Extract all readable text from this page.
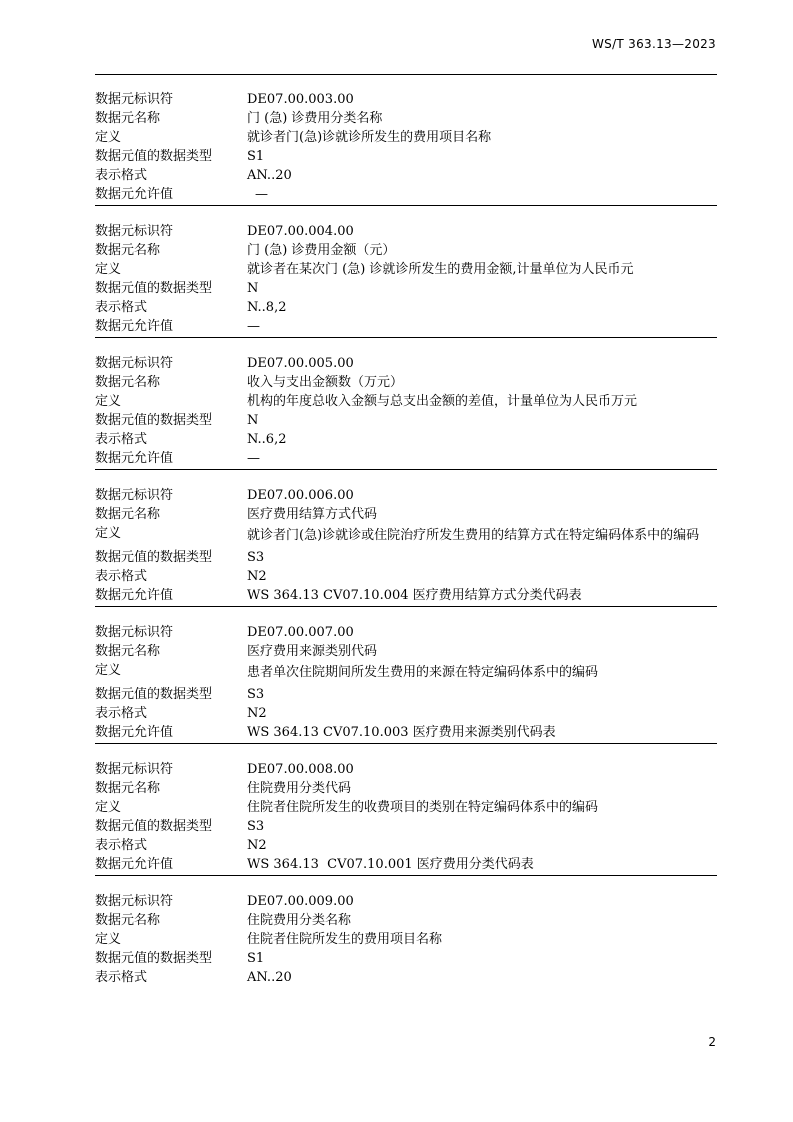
WS/T 363.13—2023
数据元标识符	DE07.00.003.00
数据元名称	门 (急) 诊费用分类名称
定义	就诊者门(急)诊就诊所发生的费用项目名称
数据元值的数据类型	S1
表示格式	AN..20
数据元允许值	—
数据元标识符	DE07.00.004.00
数据元名称	门 (急) 诊费用金额（元）
定义	就诊者在某次门 (急) 诊就诊所发生的费用金额,计量单位为人民币元
数据元值的数据类型	N
表示格式	N..8,2
数据元允许值	—
数据元标识符	DE07.00.005.00
数据元名称	收入与支出金额数（万元）
定义	机构的年度总收入金额与总支出金额的差值，计量单位为人民币万元
数据元值的数据类型	N
表示格式	N..6,2
数据元允许值	—
数据元标识符	DE07.00.006.00
数据元名称	医疗费用结算方式代码
定义	就诊者门(急)诊就诊或住院治疗所发生费用的结算方式在特定编码体系中的编码
数据元值的数据类型	S3
表示格式	N2
数据元允许值	WS 364.13 CV07.10.004 医疗费用结算方式分类代码表
数据元标识符	DE07.00.007.00
数据元名称	医疗费用来源类别代码
定义	患者单次住院期间所发生费用的来源在特定编码体系中的编码
数据元值的数据类型	S3
表示格式	N2
数据元允许值	WS 364.13 CV07.10.003 医疗费用来源类别代码表
数据元标识符	DE07.00.008.00
数据元名称	住院费用分类代码
定义	住院者住院所发生的收费项目的类别在特定编码体系中的编码
数据元值的数据类型	S3
表示格式	N2
数据元允许值	WS 364.13  CV07.10.001 医疗费用分类代码表
数据元标识符	DE07.00.009.00
数据元名称	住院费用分类名称
定义	住院者住院所发生的费用项目名称
数据元值的数据类型	S1
表示格式	AN..20
2
